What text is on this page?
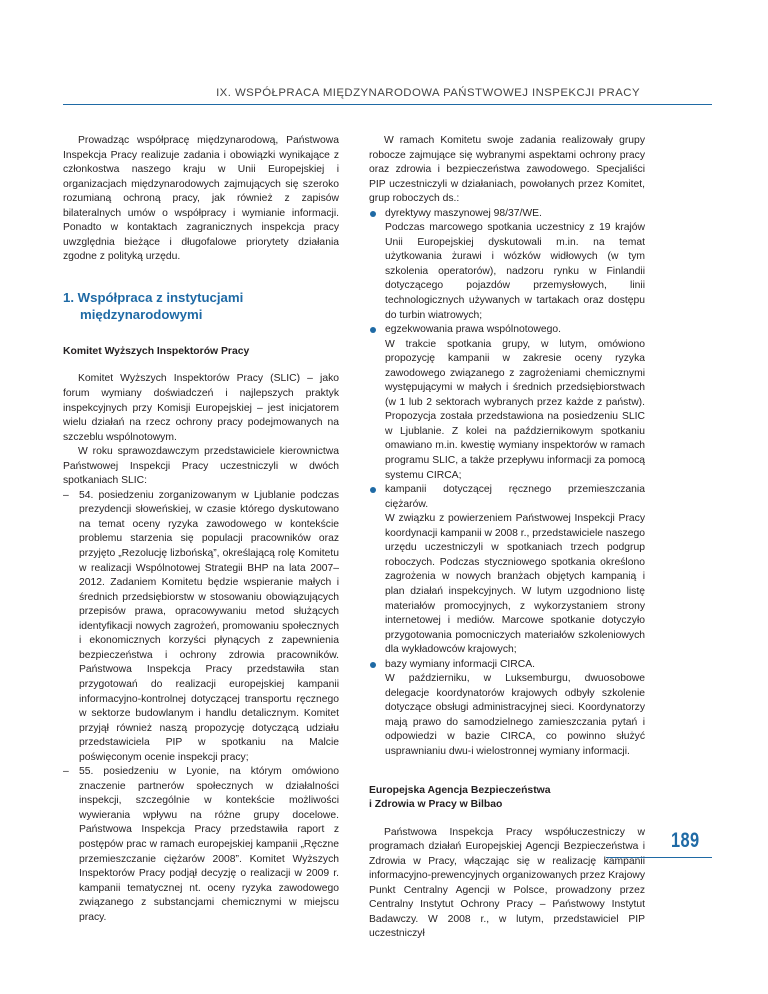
IX. WSPÓŁPRACA MIĘDZYNARODOWA PAŃSTWOWEJ INSPEKCJI PRACY

Prowadząc współpracę międzynarodową, Państwowa Inspekcja Pracy realizuje zadania i obowiązki wynikające z członkostwa naszego kraju w Unii Europejskiej i organizacjach międzynarodowych zajmujących się szeroko rozumianą ochroną pracy, jak również z zapisów bilateralnych umów o współpracy i wymianie informacji. Ponadto w kontaktach zagranicznych inspekcja pracy uwzględnia bieżące i długofalowe priorytety działania zgodne z polityką urzędu.

1. Współpraca z instytucjami międzynarodowymi
Komitet Wyższych Inspektorów Pracy

Komitet Wyższych Inspektorów Pracy (SLIC) – jako forum wymiany doświadczeń i najlepszych praktyk inspekcyjnych przy Komisji Europejskiej – jest inicjatorem wielu działań na rzecz ochrony pracy podejmowanych na szczeblu wspólnotowym.

W roku sprawozdawczym przedstawiciele kierownictwa Państwowej Inspekcji Pracy uczestniczyli w dwóch spotkaniach SLIC:

– 54. posiedzeniu zorganizowanym w Ljublanie podczas prezydencji słoweńskiej, w czasie którego dyskutowano na temat oceny ryzyka zawodowego w kontekście problemu starzenia się populacji pracowników oraz przyjęto „Rezolucję lizbońską”, określającą rolę Komitetu w realizacji Wspólnotowej Strategii BHP na lata 2007–2012. Zadaniem Komitetu będzie wspieranie małych i średnich przedsiębiorstw w stosowaniu obowiązujących przepisów prawa, opracowywaniu metod służących identyfikacji nowych zagrożeń, promowaniu społecznych i ekonomicznych korzyści płynących z zapewnienia bezpieczeństwa i ochrony zdrowia pracowników. Państwowa Inspekcja Pracy przedstawiła stan przygotowań do realizacji europejskiej kampanii informacyjno-kontrolnej dotyczącej transportu ręcznego w sektorze budowlanym i handlu detalicznym. Komitet przyjął również naszą propozycję dotyczącą udziału przedstawiciela PIP w spotkaniu na Malcie poświęconym ocenie inspekcji pracy;
– 55. posiedzeniu w Lyonie, na którym omówiono znaczenie partnerów społecznych w działalności inspekcji, szczególnie w kontekście możliwości wywierania wpływu na różne grupy docelowe. Państwowa Inspekcja Pracy przedstawiła raport z postępów prac w ramach europejskiej kampanii „Ręczne przemieszczanie ciężarów 2008”. Komitet Wyższych Inspektorów Pracy podjął decyzję o realizacji w 2009 r. kampanii tematycznej nt. oceny ryzyka zawodowego związanego z substancjami chemicznymi w miejscu pracy.

W ramach Komitetu swoje zadania realizowały grupy robocze zajmujące się wybranymi aspektami ochrony pracy oraz zdrowia i bezpieczeństwa zawodowego. Specjaliści PIP uczestniczyli w działaniach, powołanych przez Komitet, grup roboczych ds.:

dyrektywy maszynowej 98/37/WE.
Podczas marcowego spotkania uczestnicy z 19 krajów Unii Europejskiej dyskutowali m.in. na temat użytkowania żurawi i wózków widłowych (w tym szkolenia operatorów), nadzoru rynku w Finlandii dotyczącego pojazdów przemysłowych, linii technologicznych używanych w tartakach oraz dostępu do turbin wiatrowych;
egzekwowania prawa wspólnotowego.
W trakcie spotkania grupy, w lutym, omówiono propozycję kampanii w zakresie oceny ryzyka zawodowego związanego z zagrożeniami chemicznymi występującymi w małych i średnich przedsiębiorstwach (w 1 lub 2 sektorach wybranych przez każde z państw). Propozycja została przedstawiona na posiedzeniu SLIC w Ljublanie. Z kolei na październikowym spotkaniu omawiano m.in. kwestię wymiany inspektorów w ramach programu SLIC, a także przepływu informacji za pomocą systemu CIRCA;
kampanii dotyczącej ręcznego przemieszczania ciężarów.
W związku z powierzeniem Państwowej Inspekcji Pracy koordynacji kampanii w 2008 r., przedstawiciele naszego urzędu uczestniczyli w spotkaniach trzech podgrup roboczych. Podczas styczniowego spotkania określono zagrożenia w nowych branżach objętych kampanią i plan działań inspekcyjnych. W lutym uzgodniono listę materiałów promocyjnych, z wykorzystaniem strony internetowej i mediów. Marcowe spotkanie dotyczyło przygotowania pomocniczych materiałów szkoleniowych dla wykładowców krajowych;
bazy wymiany informacji CIRCA.
W październiku, w Luksemburgu, dwuosobowe delegacje koordynatorów krajowych odbyły szkolenie dotyczące obsługi administracyjnej sieci. Koordynatorzy mają prawo do samodzielnego zamieszczania pytań i odpowiedzi w bazie CIRCA, co powinno służyć usprawnianiu dwu-i wielostronnej wymiany informacji.
Europejska Agencja Bezpieczeństwa
i Zdrowia w Pracy w Bilbao

Państwowa Inspekcja Pracy współuczestniczy w programach działań Europejskiej Agencji Bezpieczeństwa i Zdrowia w Pracy, włączając się w realizację kampanii informacyjno-prewencyjnych organizowanych przez Krajowy Punkt Centralny Agencji w Polsce, prowadzony przez Centralny Instytut Ochrony Pracy – Państwowy Instytut Badawczy. W 2008 r., w lutym, przedstawiciel PIP uczestniczył

189
